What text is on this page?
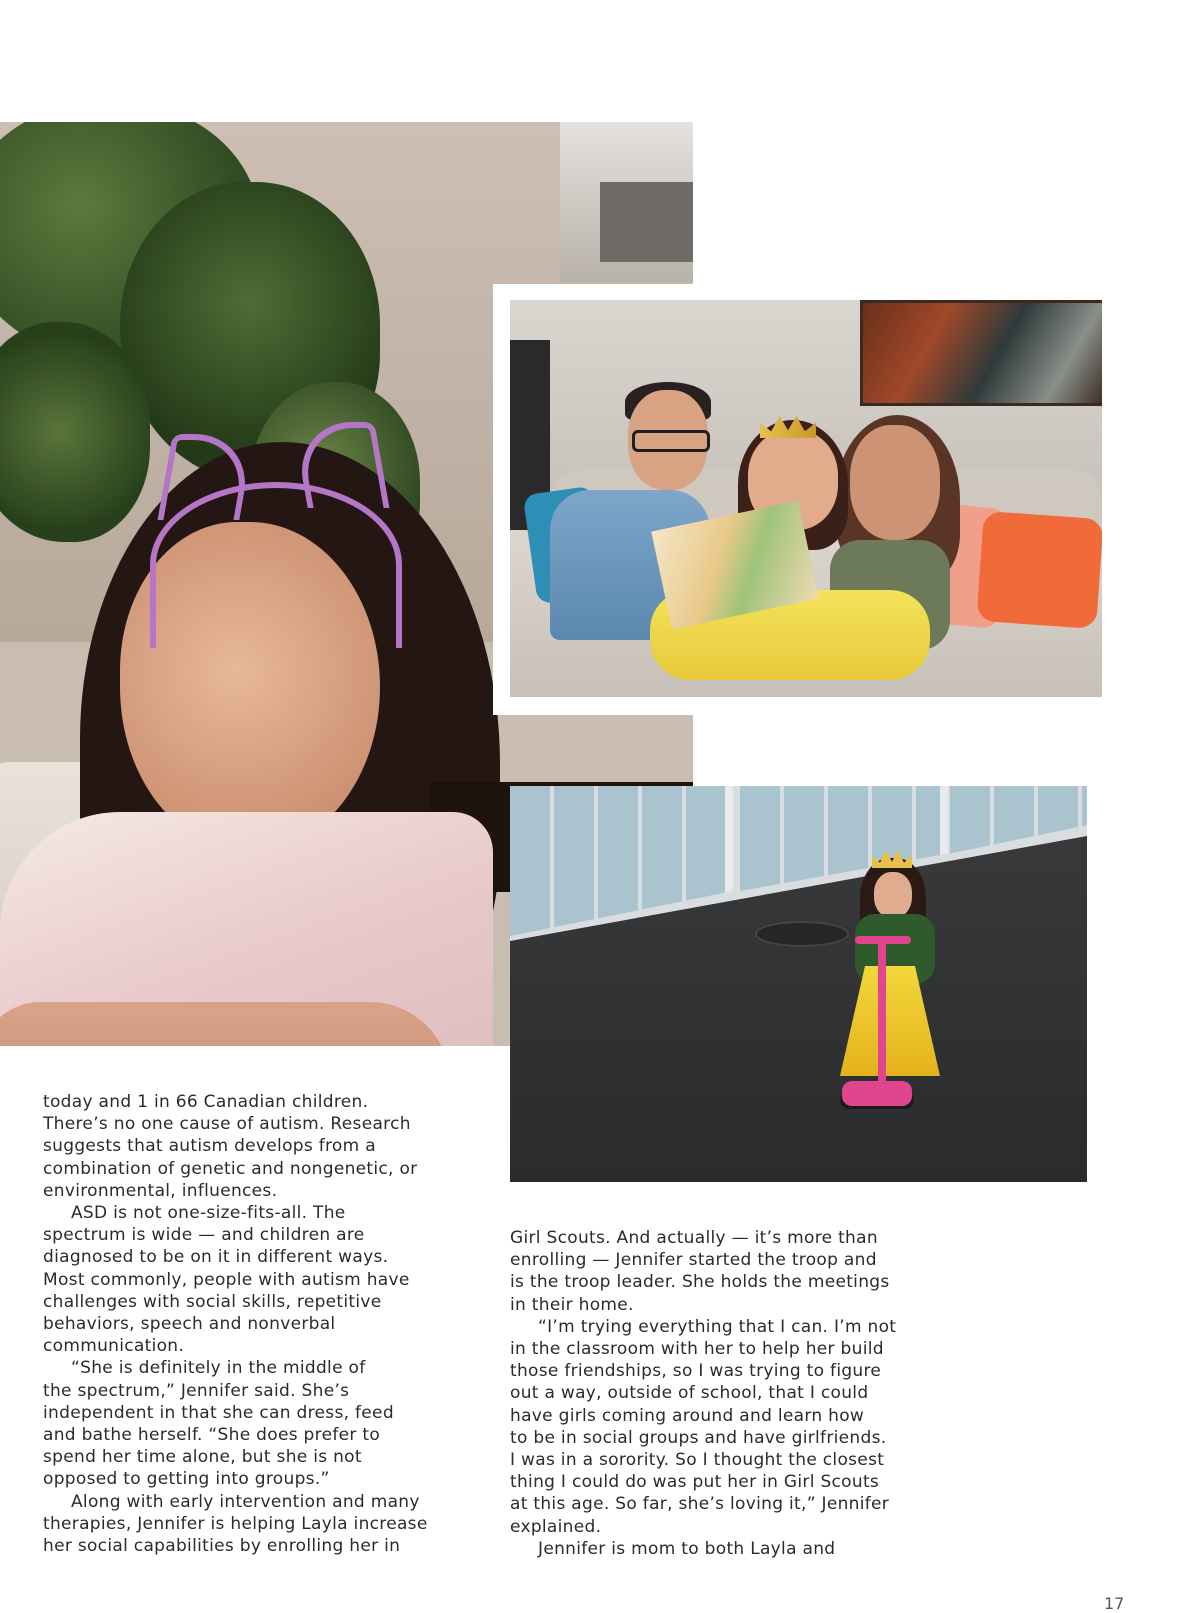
today and 1 in 66 Canadian children.
There’s no one cause of autism. Research
suggests that autism develops from a
combination of genetic and nongenetic, or
environmental, influences.
ASD is not one-size-fits-all. The
spectrum is wide — and children are
diagnosed to be on it in different ways.
Most commonly, people with autism have
challenges with social skills, repetitive
behaviors, speech and nonverbal
communication.
“She is definitely in the middle of
the spectrum,” Jennifer said. She’s
independent in that she can dress, feed
and bathe herself. “She does prefer to
spend her time alone, but she is not
opposed to getting into groups.”
Along with early intervention and many
therapies, Jennifer is helping Layla increase
her social capabilities by enrolling her in
Girl Scouts. And actually — it’s more than
enrolling — Jennifer started the troop and
is the troop leader. She holds the meetings
in their home.
“I’m trying everything that I can. I’m not
in the classroom with her to help her build
those friendships, so I was trying to figure
out a way, outside of school, that I could
have girls coming around and learn how
to be in social groups and have girlfriends.
I was in a sorority. So I thought the closest
thing I could do was put her in Girl Scouts
at this age. So far, she’s loving it,” Jennifer
explained.
Jennifer is mom to both Layla and
17
